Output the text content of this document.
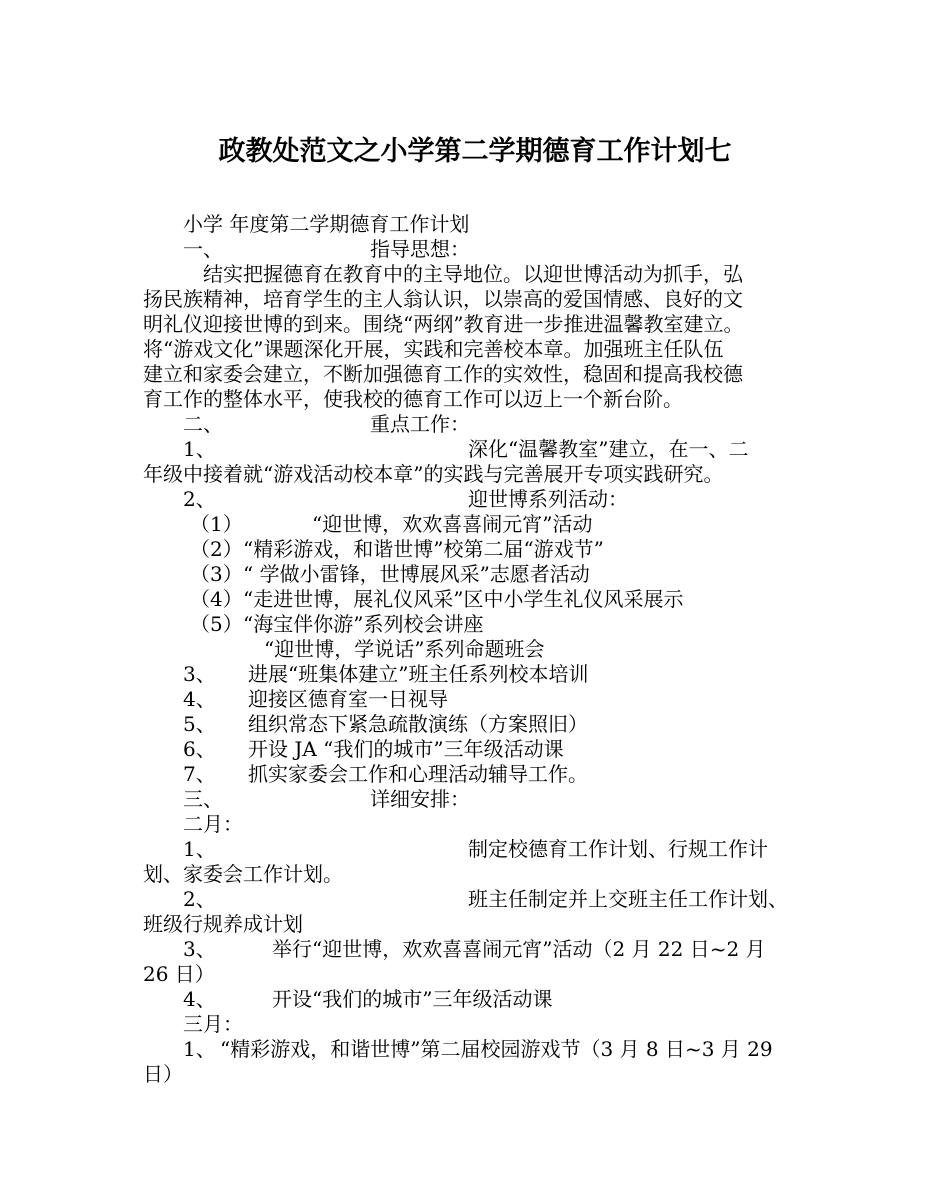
政教处范文之小学第二学期德育工作计划七
小学 年度第二学期德育工作计划
一、	指导思想：
结实把握德育在教育中的主导地位。以迎世博活动为抓手，弘
扬民族精神，培育学生的主人翁认识，以崇高的爱国情感、良好的文
明礼仪迎接世博的到来。围绕“两纲”教育进一步推进温馨教室建立。
将“游戏文化”课题深化开展，实践和完善校本章。加强班主任队伍
建立和家委会建立，不断加强德育工作的实效性，稳固和提高我校德
育工作的整体水平，使我校的德育工作可以迈上一个新台阶。
二、	重点工作：
1、	深化“温馨教室”建立，在一、二
年级中接着就“游戏活动校本章”的实践与完善展开专项实践研究。
2、	迎世博系列活动：
（1）	“迎世博，欢欢喜喜闹元宵”活动
（2） “精彩游戏，和谐世博”校第二届“游戏节”
（3） “ 学做小雷锋，世博展风采”志愿者活动
（4） “走进世博，展礼仪风采”区中小学生礼仪风采展示
（5） “海宝伴你游”系列校会讲座
“迎世博，学说话”系列命题班会
3、 进展“班集体建立”班主任系列校本培训
4、 迎接区德育室一日视导
5、 组织常态下紧急疏散演练（方案照旧）
6、 开设 JA “我们的城市”三年级活动课
7、 抓实家委会工作和心理活动辅导工作。
三、	详细安排：
二月：
1、	制定校德育工作计划、行规工作计
划、家委会工作计划。
2、	班主任制定并上交班主任工作计划、
班级行规养成计划
3、	举行“迎世博，欢欢喜喜闹元宵”活动（2 月 22 日~2 月
26 日）
4、	开设“我们的城市”三年级活动课
三月：
1、 “精彩游戏，和谐世博”第二届校园游戏节（3 月 8 日~3 月 29
日）
